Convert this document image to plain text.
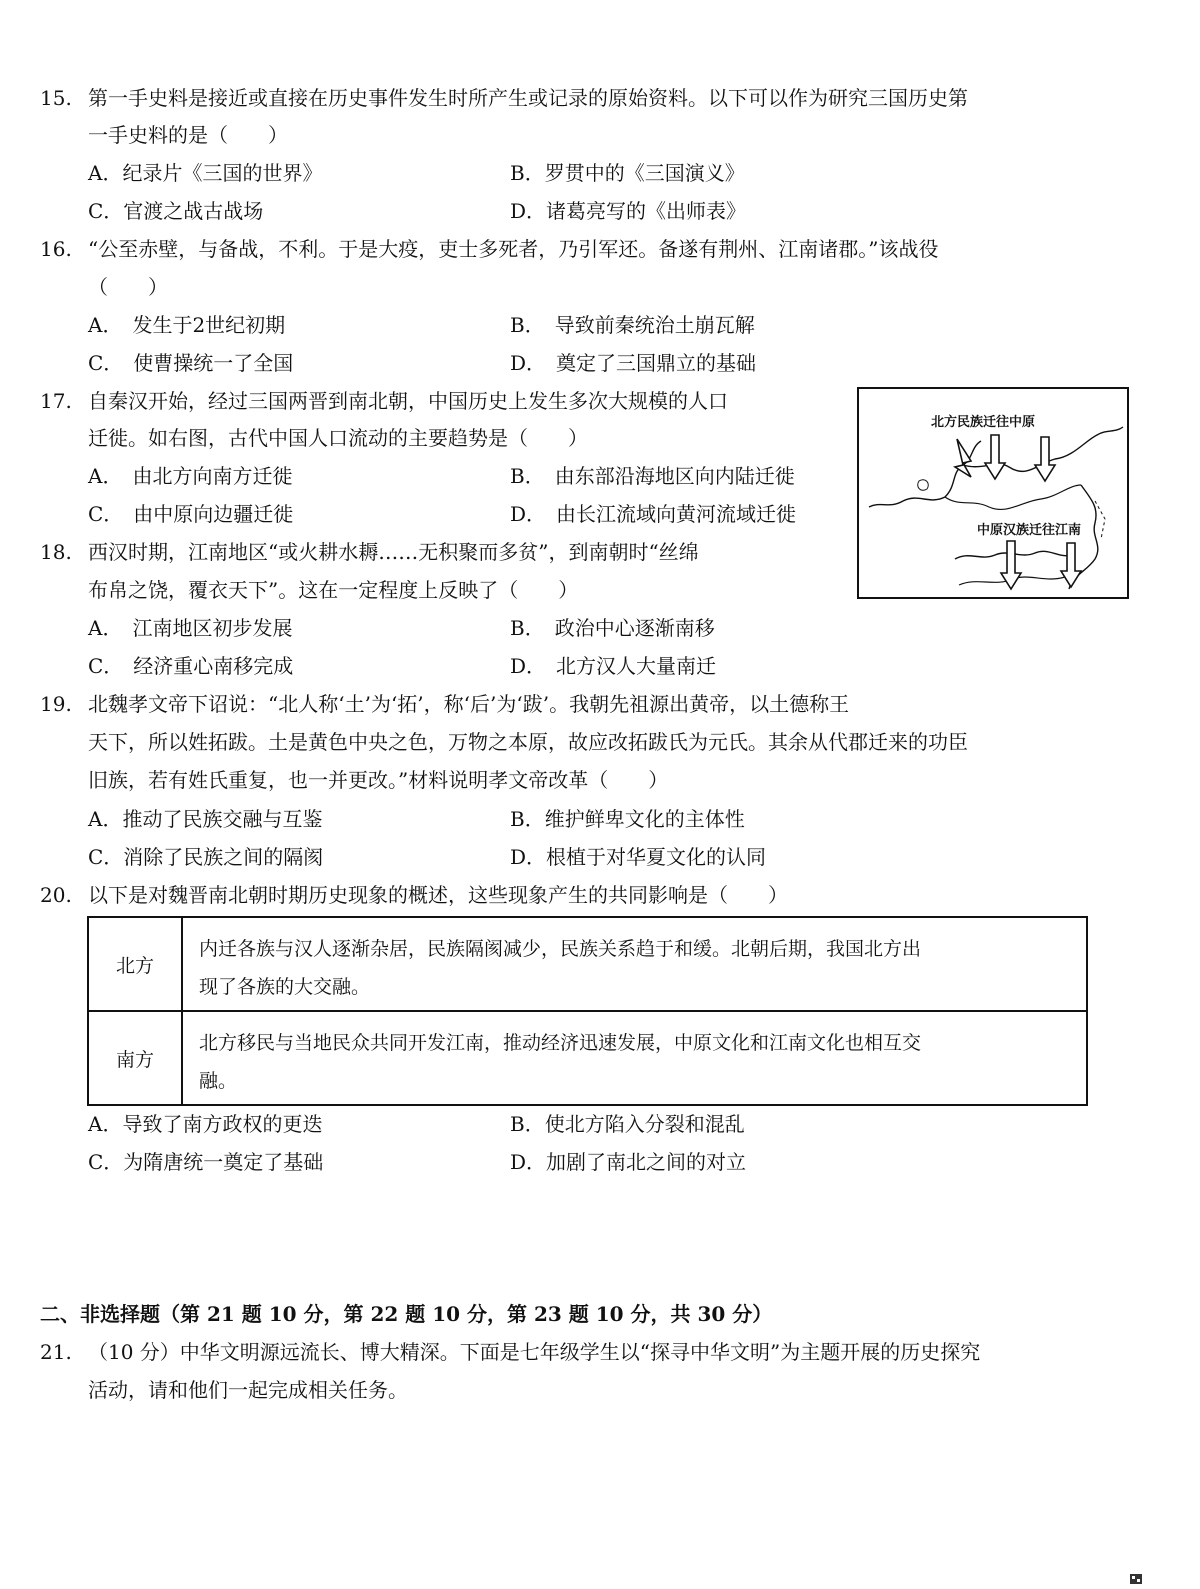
15. 第一手史料是接近或直接在历史事件发生时所产生或记录的原始资料。以下可以作为研究三国历史第
一手史料的是（　　）
A．纪录片《三国的世界》	B．罗贯中的《三国演义》
C．官渡之战古战场	D．诸葛亮写的《出师表》
16. “公至赤壁，与备战，不利。于是大疫，吏士多死者，乃引军还。备遂有荆州、江南诸郡。”该战役
（　　）
A．　发生于2世纪初期	B．　导致前秦统治土崩瓦解
C．　使曹操统一了全国	D．　奠定了三国鼎立的基础
17. 自秦汉开始，经过三国两晋到南北朝，中国历史上发生多次大规模的人口
迁徙。如右图，古代中国人口流动的主要趋势是（　　）
A．　由北方向南方迁徙	B．　由东部沿海地区向内陆迁徙
C．　由中原向边疆迁徙	D．　由长江流域向黄河流域迁徙
北方民族迁往中原
中原汉族迁往江南
18. 西汉时期，江南地区“或火耕水耨……无积聚而多贫”，到南朝时“丝绵
布帛之饶，覆衣天下”。这在一定程度上反映了（　　）
A．　江南地区初步发展	B．　政治中心逐渐南移
C．　经济重心南移完成	D．　北方汉人大量南迁
19. 北魏孝文帝下诏说：“北人称‘土’为‘拓’，称‘后’为‘跋’。我朝先祖源出黄帝，以土德称王
天下，所以姓拓跋。土是黄色中央之色，万物之本原，故应改拓跋氏为元氏。其余从代郡迁来的功臣
旧族，若有姓氏重复，也一并更改。”材料说明孝文帝改革（　　）
A．推动了民族交融与互鉴	B．维护鲜卑文化的主体性
C．消除了民族之间的隔阂	D．根植于对华夏文化的认同
20. 以下是对魏晋南北朝时期历史现象的概述，这些现象产生的共同影响是（　　）
北方
内迁各族与汉人逐渐杂居，民族隔阂减少，民族关系趋于和缓。北朝后期，我国北方出
现了各族的大交融。
南方
北方移民与当地民众共同开发江南，推动经济迅速发展，中原文化和江南文化也相互交
融。
A．导致了南方政权的更迭	B．使北方陷入分裂和混乱
C．为隋唐统一奠定了基础	D．加剧了南北之间的对立
二、非选择题（第 21 题 10 分，第 22 题 10 分，第 23 题 10 分，共 30 分）
21. （10 分）中华文明源远流长、博大精深。下面是七年级学生以“探寻中华文明”为主题开展的历史探究
活动，请和他们一起完成相关任务。
